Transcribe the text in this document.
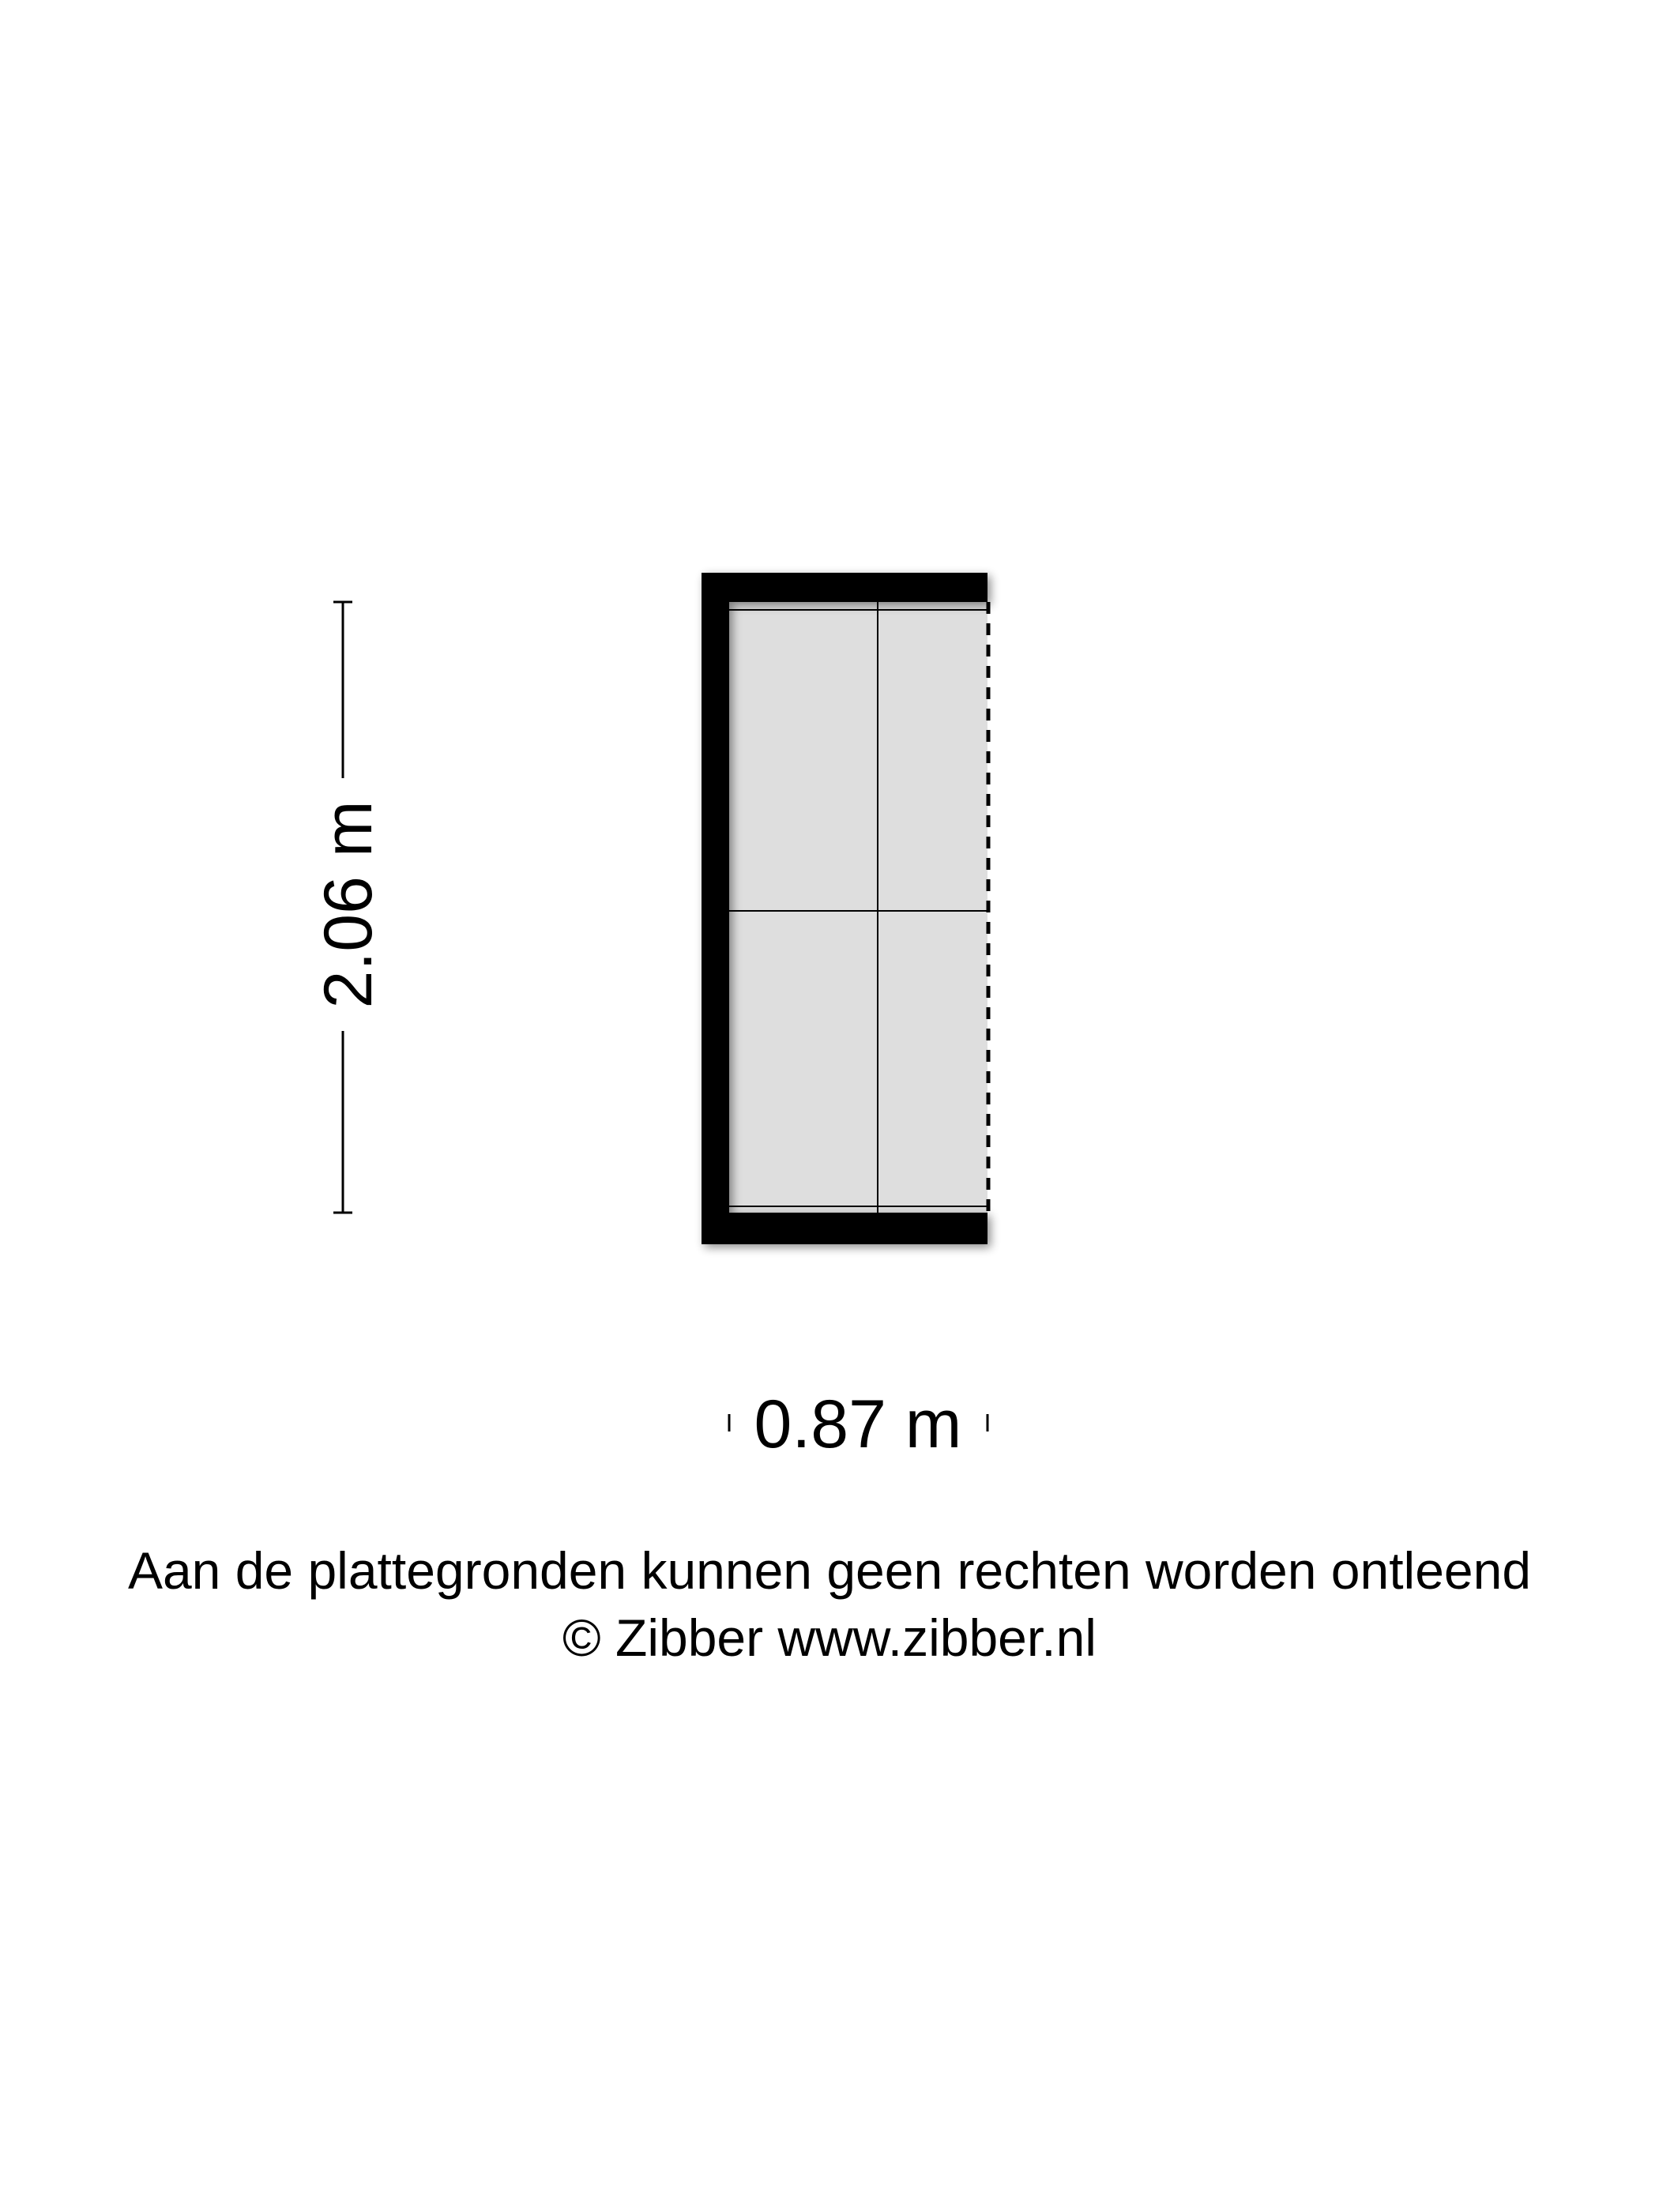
2.06 m
0.87 m
Aan de plattegronden kunnen geen rechten worden ontleend
© Zibber www.zibber.nl
